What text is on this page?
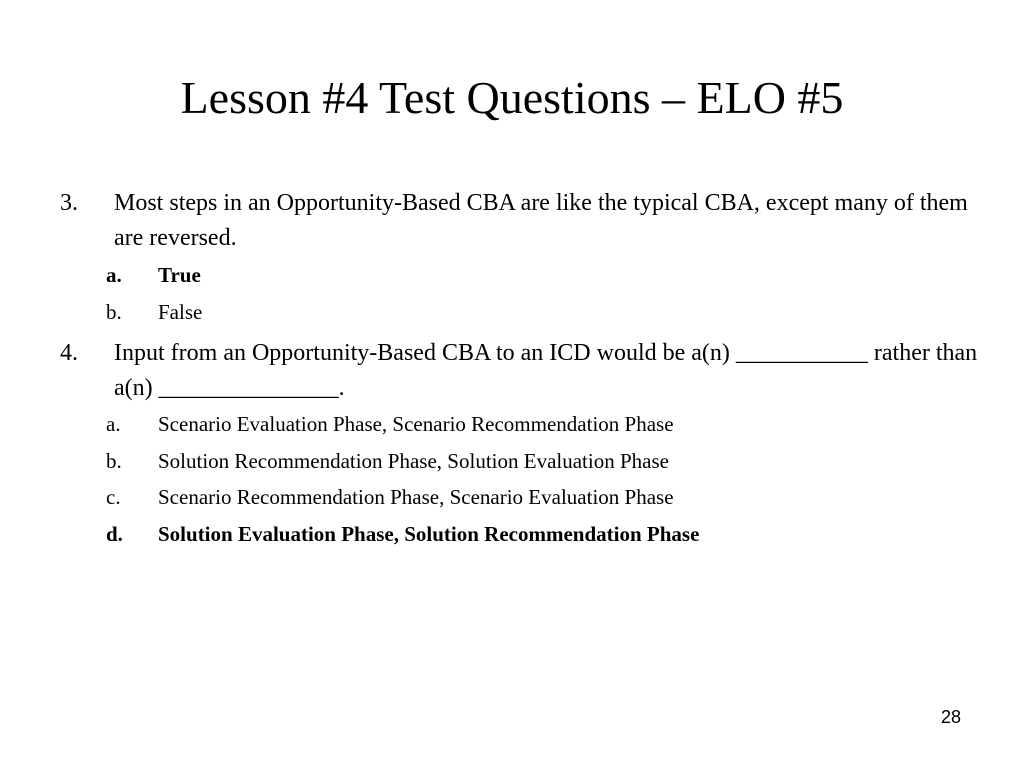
Lesson #4 Test Questions – ELO #5
3.	Most steps in an Opportunity-Based CBA are like the typical CBA, except many of them are reversed.
a.	True
b.	False
4.	Input from an Opportunity-Based CBA to an ICD would be a(n) ___________ rather than a(n) _______________.
a.	Scenario Evaluation Phase, Scenario Recommendation Phase
b.	Solution Recommendation Phase, Solution Evaluation Phase
c.	Scenario Recommendation Phase, Scenario Evaluation Phase
d.	Solution Evaluation Phase, Solution Recommendation Phase
28
